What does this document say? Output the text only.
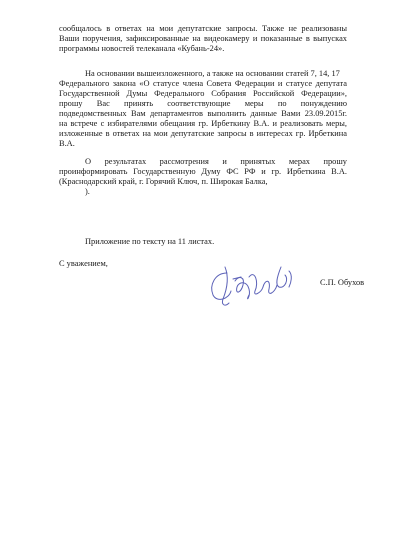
сообщалось в ответах на мои депутатские запросы. Также не реализованы
Ваши поручения, зафиксированные на видеокамеру и показанные в выпусках
программы новостей телеканала «Кубань-24».
На основании вышеизложенного, а также на основании статей 7, 14, 17
Федерального закона «О статусе члена Совета Федерации и статусе депутата
Государственной Думы Федерального Собрания Российской Федерации»,
прошу Вас принять соответствующие меры по понуждению
подведомственных Вам департаментов выполнить данные Вами 23.09.2015г.
на встрече с избирателями обещания гр. Ирбеткину В.А. и реализовать меры,
изложенные в ответах на мои депутатские запросы в интересах гр. Ирбеткина
В.А.
О результатах рассмотрения и принятых мерах прошу
проинформировать Государственную Думу ФС РФ и гр. Ирбеткина В.А.
(Краснодарский край, г. Горячий Ключ, п. Широкая Балка,
).
Приложение по тексту на 11 листах.
С уважением,
С.П. Обухов
